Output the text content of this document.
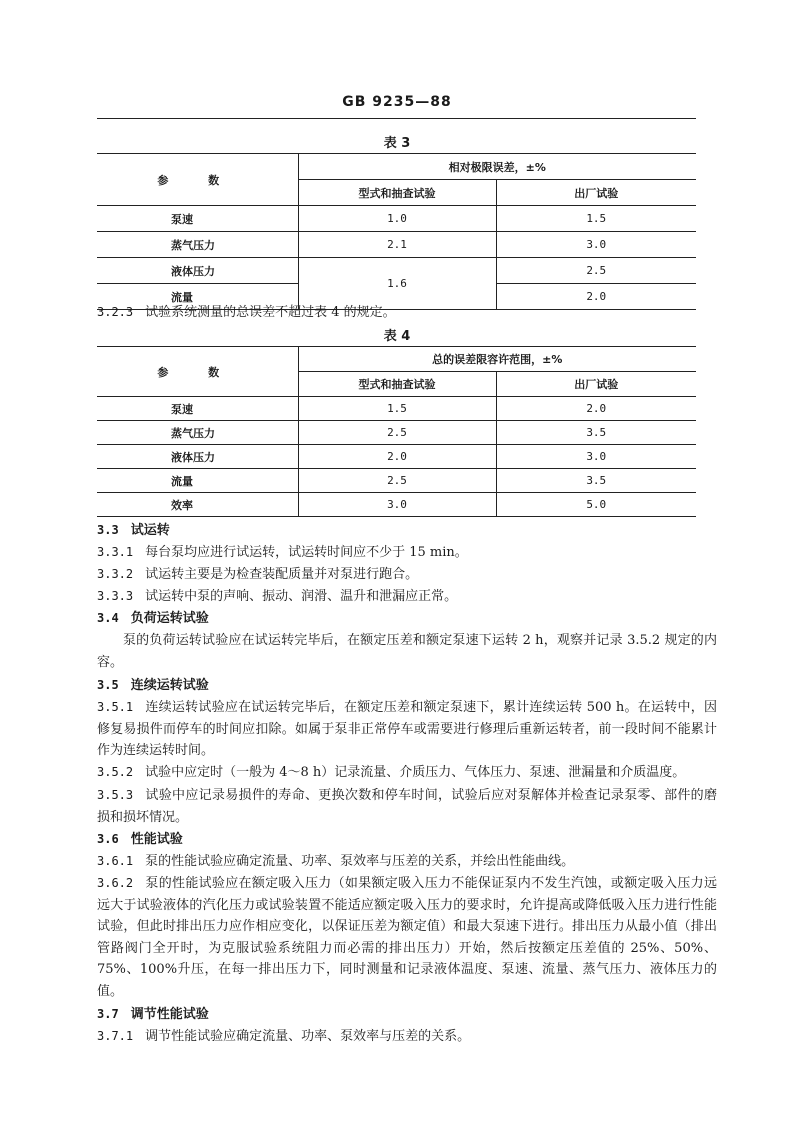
GB 9235—88
表 3
参 数	相对极限误差，±%	
	型式和抽查试验	出厂试验
泵速	1.0	1.5
蒸气压力	2.1	3.0
液体压力	1.6	2.5
流量		2.0
3.2.3 试验系统测量的总误差不超过表 4 的规定。
表 4
参 数	总的误差限容许范围，±%	
	型式和抽查试验	出厂试验
泵速	1.5	2.0
蒸气压力	2.5	3.5
液体压力	2.0	3.0
流量	2.5	3.5
效率	3.0	5.0
3.3 试运转
3.3.1 每台泵均应进行试运转，试运转时间应不少于 15 min。
3.3.2 试运转主要是为检查装配质量并对泵进行跑合。
3.3.3 试运转中泵的声响、振动、润滑、温升和泄漏应正常。
3.4 负荷运转试验
泵的负荷运转试验应在试运转完毕后，在额定压差和额定泵速下运转 2 h，观察并记录 3.5.2 规定的内容。
3.5 连续运转试验
3.5.1 连续运转试验应在试运转完毕后，在额定压差和额定泵速下，累计连续运转 500 h。在运转中，因修复易损件而停车的时间应扣除。如属于泵非正常停车或需要进行修理后重新运转者，前一段时间不能累计作为连续运转时间。
3.5.2 试验中应定时（一般为 4～8 h）记录流量、介质压力、气体压力、泵速、泄漏量和介质温度。
3.5.3 试验中应记录易损件的寿命、更换次数和停车时间，试验后应对泵解体并检查记录泵零、部件的磨损和损坏情况。
3.6 性能试验
3.6.1 泵的性能试验应确定流量、功率、泵效率与压差的关系，并绘出性能曲线。
3.6.2 泵的性能试验应在额定吸入压力（如果额定吸入压力不能保证泵内不发生汽蚀，或额定吸入压力远远大于试验液体的汽化压力或试验装置不能适应额定吸入压力的要求时，允许提高或降低吸入压力进行性能试验，但此时排出压力应作相应变化，以保证压差为额定值）和最大泵速下进行。排出压力从最小值（排出管路阀门全开时，为克服试验系统阻力而必需的排出压力）开始，然后按额定压差值的 25%、50%、75%、100%升压，在每一排出压力下，同时测量和记录液体温度、泵速、流量、蒸气压力、液体压力的值。
3.7 调节性能试验
3.7.1 调节性能试验应确定流量、功率、泵效率与压差的关系。
